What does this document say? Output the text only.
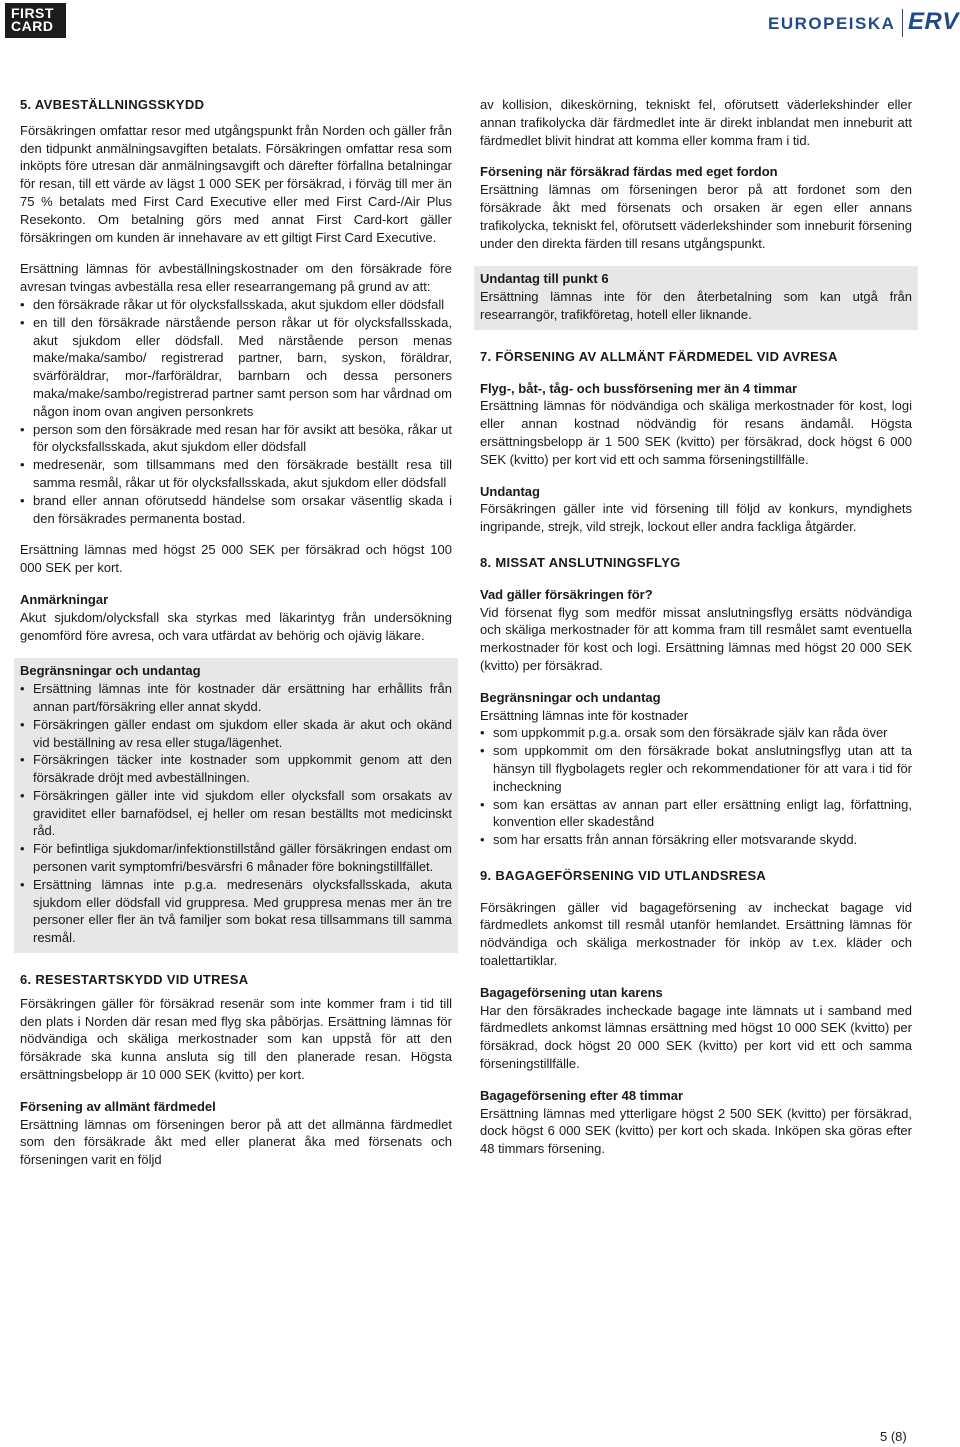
FIRST
CARD	EUROPEISKA ERV
5. AVBESTÄLLNINGSSKYDD

Försäkringen omfattar resor med utgångspunkt från Norden och gäller från den tidpunkt anmälningsavgiften betalats. Försäkringen omfattar resa som inköpts före utresan där anmälningsavgift och därefter förfallna betalningar för resan, till ett värde av lägst 1 000 SEK per försäkrad, i förväg till mer än 75 % betalats med First Card Executive eller med First Card-/Air Plus Resekonto. Om betalning görs med annat First Card-kort gäller försäkringen om kunden är innehavare av ett giltigt First Card Executive.

Ersättning lämnas för avbeställningskostnader om den försäkrade före avresan tvingas avbeställa resa eller researrangemang på grund av att:

• den försäkrade råkar ut för olycksfallsskada, akut sjukdom eller dödsfall
• en till den försäkrade närstående person råkar ut för olycksfallsskada, akut sjukdom eller dödsfall. Med närstående person menas make/maka/sambo/ registrerad partner, barn, syskon, föräldrar, svärföräldrar, mor-/farföräldrar, barnbarn och dessa personers maka/make/sambo/registrerad partner samt person som har vårdnad om någon inom ovan angiven personkrets
• person som den försäkrade med resan har för avsikt att besöka, råkar ut för olycksfallsskada, akut sjukdom eller dödsfall
• medresenär, som tillsammans med den försäkrade beställt resa till samma resmål, råkar ut för olycksfallsskada, akut sjukdom eller dödsfall
• brand eller annan oförutsedd händelse som orsakar väsentlig skada i den försäkrades permanenta bostad.

Ersättning lämnas med högst 25 000 SEK per försäkrad och högst 100 000 SEK per kort.

Anmärkningar

Akut sjukdom/olycksfall ska styrkas med läkarintyg från undersökning genomförd före avresa, och vara utfärdat av behörig och ojävig läkare.

Begränsningar och undantag
• Ersättning lämnas inte för kostnader där ersättning har erhållits från annan part/försäkring eller annat skydd.
• Försäkringen gäller endast om sjukdom eller skada är akut och okänd vid beställning av resa eller stuga/lägenhet.
• Försäkringen täcker inte kostnader som uppkommit genom att den försäkrade dröjt med avbeställningen.
• Försäkringen gäller inte vid sjukdom eller olycksfall som orsakats av graviditet eller barnafödsel, ej heller om resan beställts mot medicinskt råd.
• För befintliga sjukdomar/infektionstillstånd gäller försäkringen endast om personen varit symptomfri/besvärsfri 6 månader före bokningstillfället.
• Ersättning lämnas inte p.g.a. medresenärs olycksfallsskada, akuta sjukdom eller dödsfall vid gruppresa. Med gruppresa menas mer än tre personer eller fler än två familjer som bokat resa tillsammans till samma resmål.
6. RESESTARTSKYDD VID UTRESA

Försäkringen gäller för försäkrad resenär som inte kommer fram i tid till den plats i Norden där resan med flyg ska påbörjas. Ersättning lämnas för nödvändiga och skäliga merkostnader som kan uppstå för att den försäkrade ska kunna ansluta sig till den planerade resan. Högsta ersättningsbelopp är 10 000 SEK (kvitto) per kort.

Försening av allmänt färdmedel

Ersättning lämnas om förseningen beror på att det allmänna färdmedlet som den försäkrade åkt med eller planerat åka med försenats och förseningen varit en följd

av kollision, dikeskörning, tekniskt fel, oförutsett väderlekshinder eller annan trafikolycka där färdmedlet inte är direkt inblandat men inneburit att färdmedlet blivit hindrat att komma eller komma fram i tid.

Försening när försäkrad färdas med eget fordon

Ersättning lämnas om förseningen beror på att fordonet som den försäkrade åkt med försenats och orsaken är egen eller annans trafikolycka, tekniskt fel, oförutsett väderlekshinder som inneburit försening under den direkta färden till resans utgångspunkt.

Undantag till punkt 6

Ersättning lämnas inte för den återbetalning som kan utgå från researrangör, trafikföretag, hotell eller liknande.

7. FÖRSENING AV ALLMÄNT FÄRDMEDEL VID AVRESA
Flyg-, båt-, tåg- och bussförsening mer än 4 timmar

Ersättning lämnas för nödvändiga och skäliga merkostnader för kost, logi eller annan kostnad nödvändig för resans ändamål. Högsta ersättningsbelopp är 1 500 SEK (kvitto) per försäkrad, dock högst 6 000 SEK (kvitto) per kort vid ett och samma förseningstillfälle.

Undantag

Försäkringen gäller inte vid försening till följd av konkurs, myndighets ingripande, strejk, vild strejk, lockout eller andra fackliga åtgärder.

8. MISSAT ANSLUTNINGSFLYG
Vad gäller försäkringen för?

Vid försenat flyg som medför missat anslutningsflyg ersätts nödvändiga och skäliga merkostnader för att komma fram till resmålet samt eventuella merkostnader för kost och logi. Ersättning lämnas med högst 20 000 SEK (kvitto) per försäkrad.

Begränsningar och undantag

Ersättning lämnas inte för kostnader

• som uppkommit p.g.a. orsak som den försäkrade själv kan råda över
• som uppkommit om den försäkrade bokat anslutningsflyg utan att ta hänsyn till flygbolagets regler och rekommendationer för att vara i tid för incheckning
• som kan ersättas av annan part eller ersättning enligt lag, författning, konvention eller skadestånd
• som har ersatts från annan försäkring eller motsvarande skydd.
9. BAGAGEFÖRSENING VID UTLANDSRESA

Försäkringen gäller vid bagageförsening av incheckat bagage vid färdmedlets ankomst till resmål utanför hemlandet. Ersättning lämnas för nödvändiga och skäliga merkostnader för inköp av t.ex. kläder och toalettartiklar.

Bagageförsening utan karens

Har den försäkrades incheckade bagage inte lämnats ut i samband med färdmedlets ankomst lämnas ersättning med högst 10 000 SEK (kvitto) per försäkrad, dock högst 20 000 SEK (kvitto) per kort vid ett och samma förseningstillfälle.

Bagageförsening efter 48 timmar

Ersättning lämnas med ytterligare högst 2 500 SEK (kvitto) per försäkrad, dock högst 6 000 SEK (kvitto) per kort och skada. Inköpen ska göras efter 48 timmars försening.

5 (8)
